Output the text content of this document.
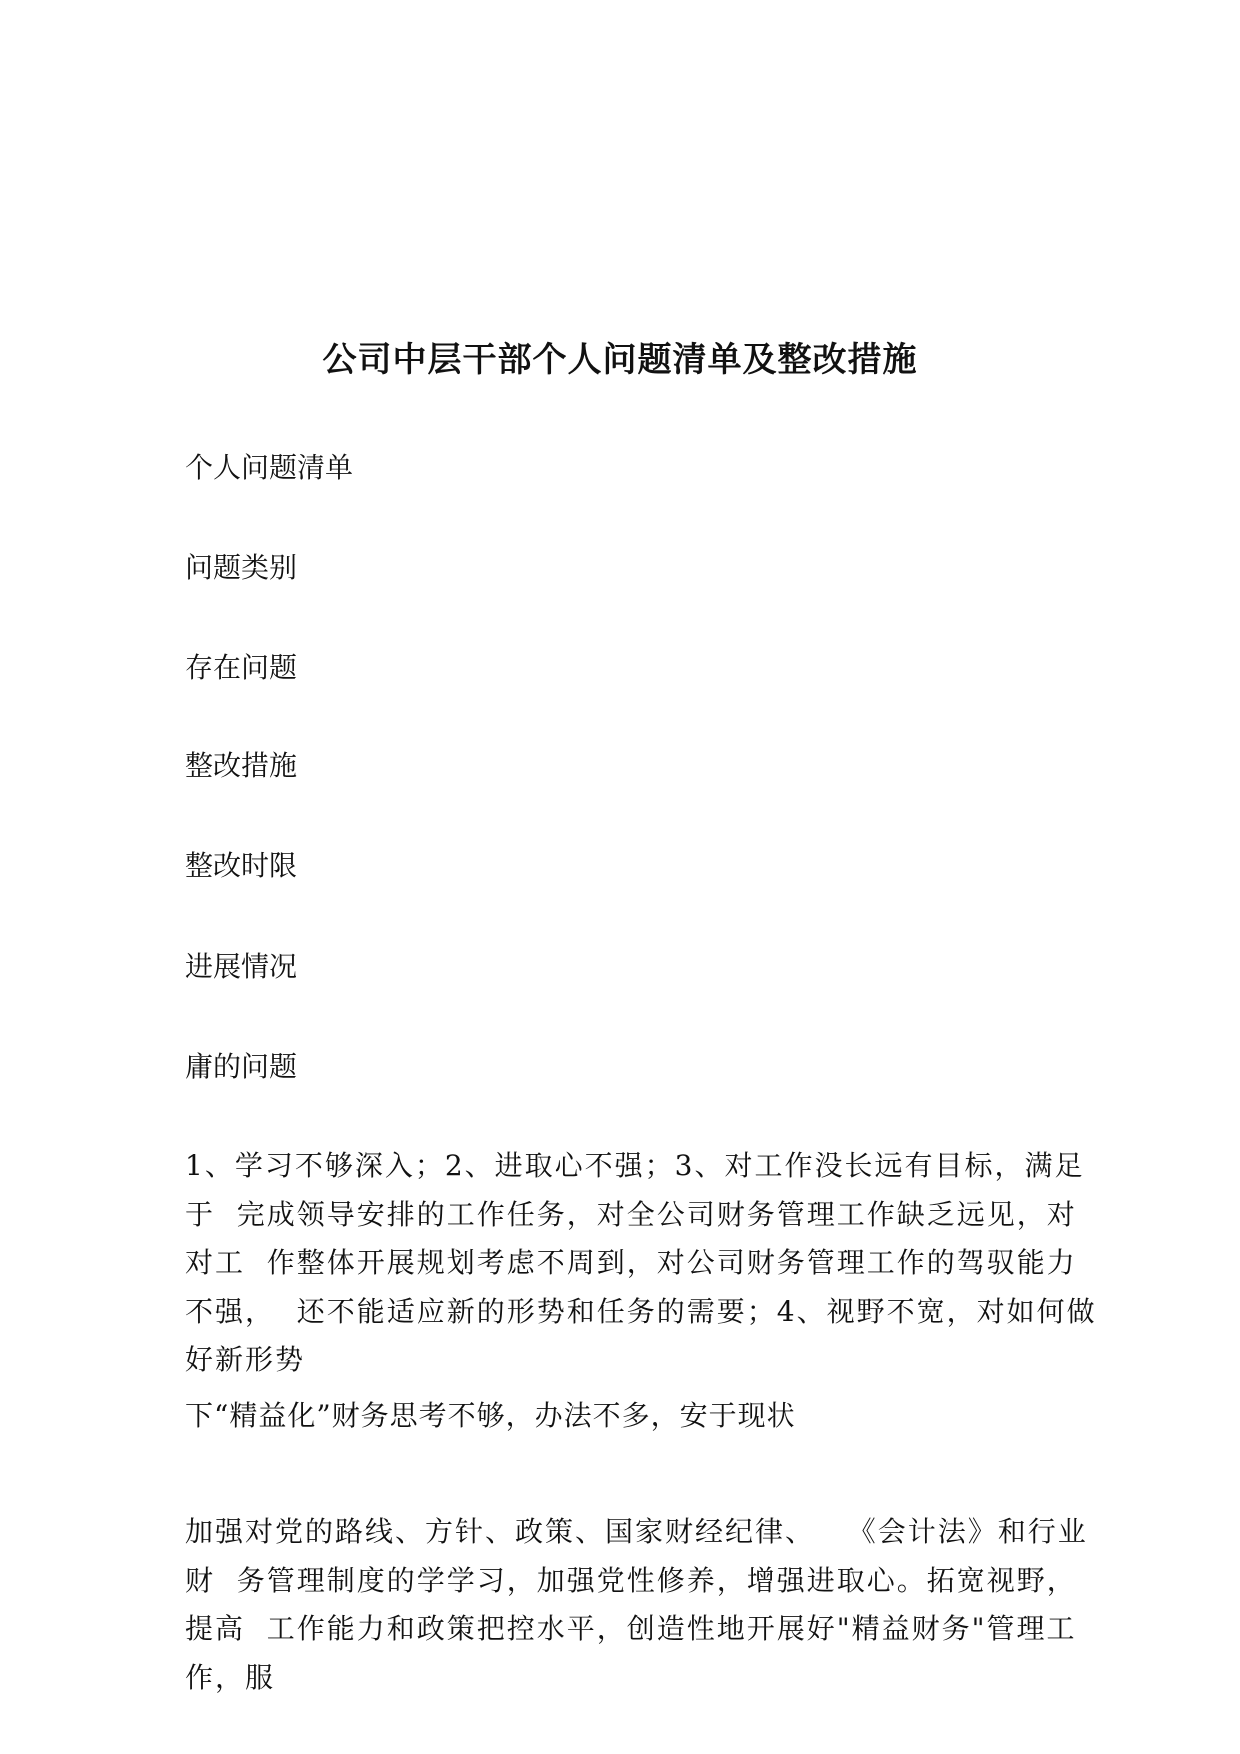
公司中层干部个人问题清单及整改措施
个人问题清单
问题类别
存在问题
整改措施
整改时限
进展情况
庸的问题
1、学习不够深入；2、进取心不强；3、对工作没长远有目标，满足
于  完成领导安排的工作任务，对全公司财务管理工作缺乏远见，对
对工  作整体开展规划考虑不周到，对公司财务管理工作的驾驭能力
不强，  还不能适应新的形势和任务的需要；4、视野不宽，对如何做
好新形势
下“精益化”财务思考不够，办法不多，安于现状
加强对党的路线、方针、政策、国家财经纪律、   《会计法》和行业
财  务管理制度的学学习，加强党性修养，增强进取心。拓宽视野，
提高  工作能力和政策把控水平，创造性地开展好"精益财务"管理工
作，服
